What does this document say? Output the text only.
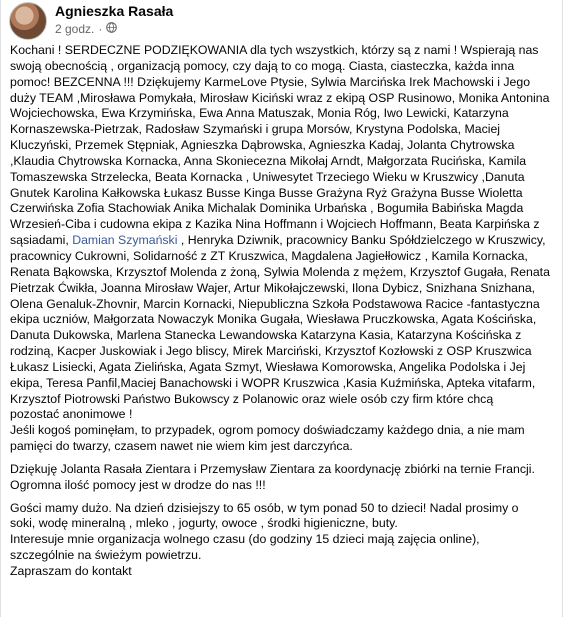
Agnieszka Rasała
2 godz. ·
Kochani ! SERDECZNE PODZIĘKOWANIA dla tych wszystkich, którzy są z nami ! Wspierają nas
swoją obecnością , organizacją pomocy, czy dają to co mogą. Ciasta, ciasteczka, każda inna
pomoc! BEZCENNA !!! Dziękujemy KarmeLove Ptysie, Sylwia Marcińska Irek Machowski i Jego
duży TEAM ,Mirosława Pomykała, Mirosław Kiciński wraz z ekipą OSP Rusinowo, Monika Antonina
Wojciechowska, Ewa Krzymińska, Ewa Anna Matuszak, Monia Róg, Iwo Lewicki, Katarzyna
Kornaszewska-Pietrzak, Radosław Szymański i grupa Morsów, Krystyna Podolska, Maciej
Kluczyński, Przemek Stępniak, Agnieszka Dąbrowska, Agnieszka Kadaj, Jolanta Chytrowska
,Klaudia Chytrowska Kornacka, Anna Skoniecezna Mikołaj Arndt, Małgorzata Rucińska, Kamila
Tomaszewska Strzelecka, Beata Kornacka , Uniwesytet Trzeciego Wieku w Kruszwicy ,Danuta
Gnutek Karolina Kałkowska Łukasz Busse Kinga Busse Grażyna Ryż Grażyna Busse Wioletta
Czerwińska Zofia Stachowiak Anika Michalak Dominika Urbańska , Bogumiła Babińska Magda
Wrzesień-Ciba i cudowna ekipa z Kazika Nina Hoffmann i Wojciech Hoffmann, Beata Karpińska z
sąsiadami, Damian Szymański , Henryka Dziwnik, pracownicy Banku Spółdzielczego w Kruszwicy,
pracownicy Cukrowni, Solidarność z ZT Kruszwica, Magdalena Jagiełłowicz , Kamila Kornacka,
Renata Bąkowska, Krzysztof Molenda z żoną, Sylwia Molenda z mężem, Krzysztof Gugała, Renata
Pietrzak Ćwikła, Joanna Mirosław Wajer, Artur Mikołajczewski, Ilona Dybicz, Snizhana Snizhana,
Olena Genaluk-Zhovnir, Marcin Kornacki, Niepubliczna Szkoła Podstawowa Racice -fantastyczna
ekipa uczniów, Małgorzata Nowaczyk Monika Gugała, Wiesława Pruczkowska, Agata Kościńska,
Danuta Dukowska, Marlena Stanecka Lewandowska Katarzyna Kasia, Katarzyna Kościńska z
rodziną, Kacper Juskowiak i Jego bliscy, Mirek Marciński, Krzysztof Kozłowski z OSP Kruszwica
Łukasz Lisiecki, Agata Zielińska, Agata Szmyt, Wiesława Komorowska, Angelika Podolska i Jej
ekipa, Teresa Panfil,Maciej Banachowski i WOPR Kruszwica ,Kasia Kuźmińska, Apteka vitafarm,
Krzysztof Piotrowski Państwo Bukowscy z Polanowic oraz wiele osób czy firm które chcą
pozostać anonimowe !
Jeśli kogoś pominęłam, to przypadek, ogrom pomocy doświadczamy każdego dnia, a nie mam
pamięci do twarzy, czasem nawet nie wiem kim jest darczyńca.
Dziękuję Jolanta Rasała Zientara i Przemysław Zientara za koordynację zbiórki na ternie Francji.
Ogromna ilość pomocy jest w drodze do nas !!!
Gości mamy dużo. Na dzień dzisiejszy to 65 osób, w tym ponad 50 to dzieci! Nadal prosimy o
soki, wodę mineralną , mleko , jogurty, owoce , środki higieniczne, buty.
Interesuje mnie organizacja wolnego czasu (do godziny 15 dzieci mają zajęcia online),
szczególnie na świeżym powietrzu.
Zapraszam do kontakt
